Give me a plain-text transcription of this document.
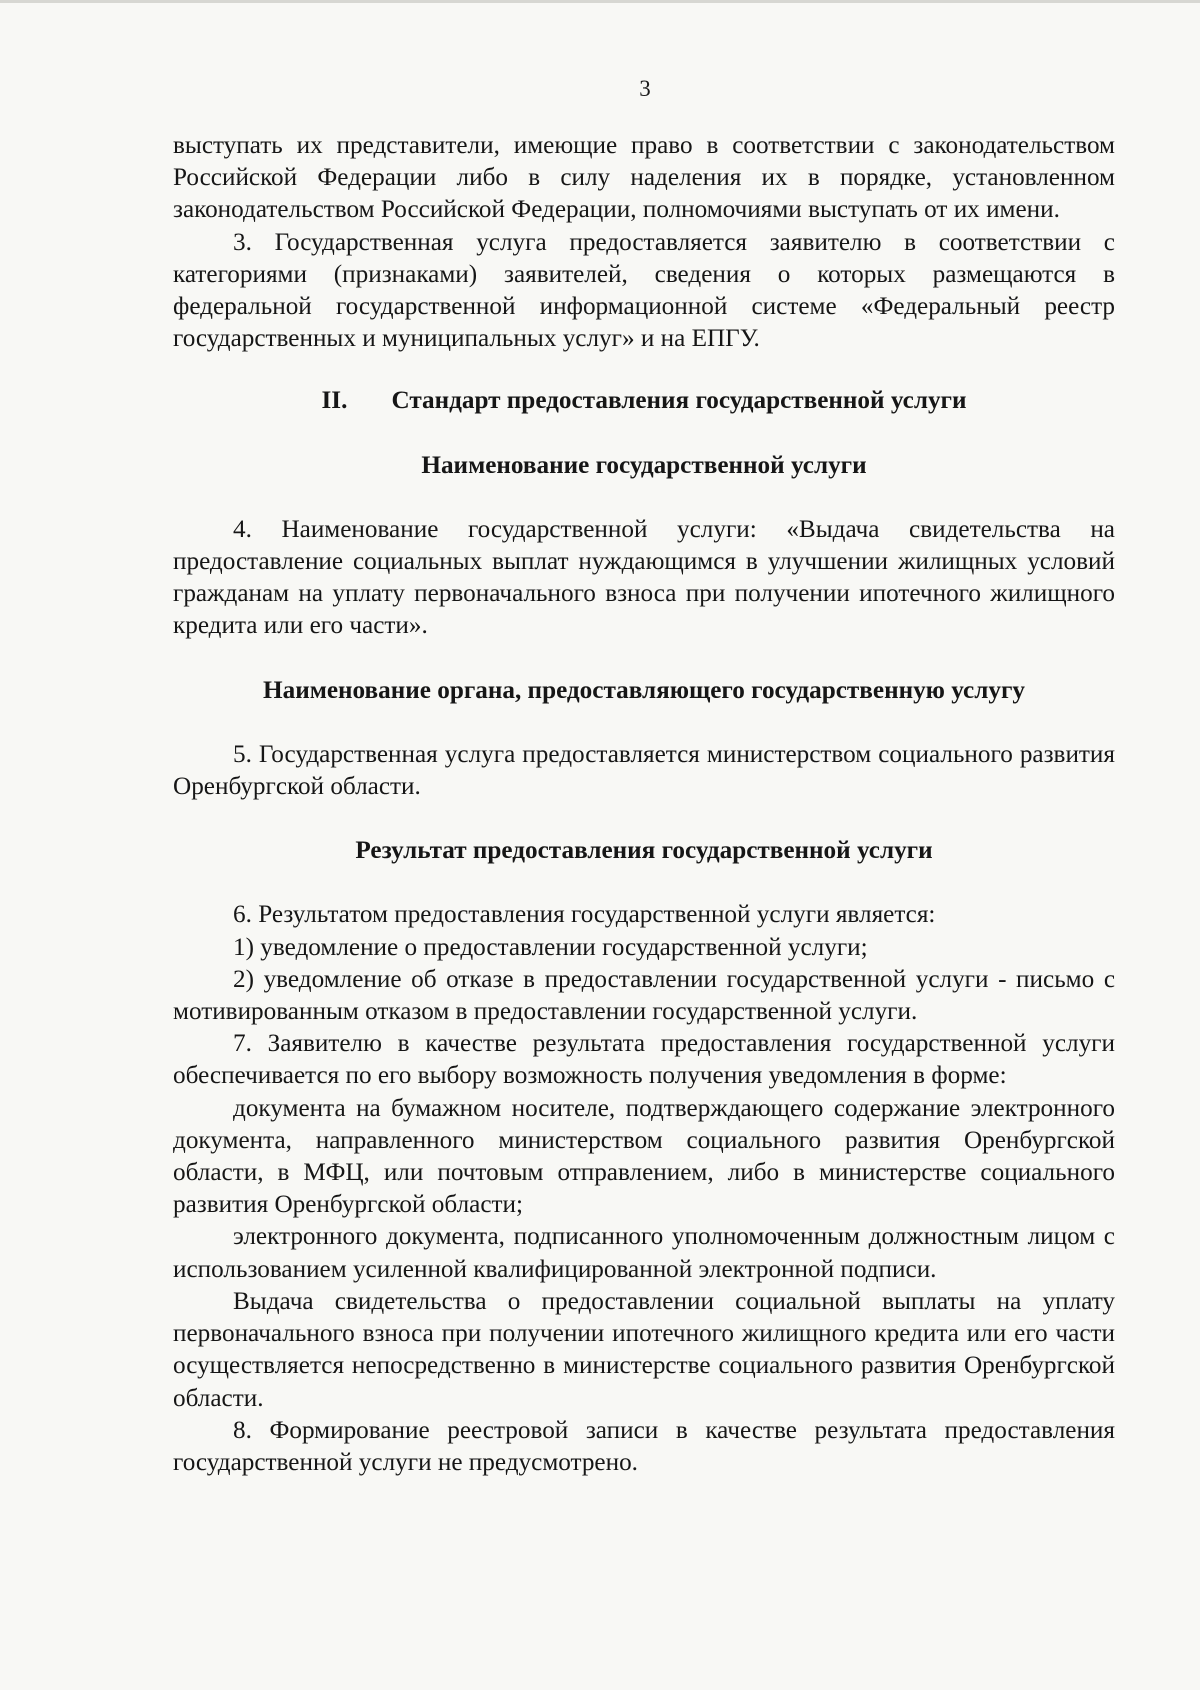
3

выступать их представители, имеющие право в соответствии с законодательством Российской Федерации либо в силу наделения их в порядке, установленном законодательством Российской Федерации, полномочиями выступать от их имени.

3. Государственная услуга предоставляется заявителю в соответствии с категориями (признаками) заявителей, сведения о которых размещаются в федеральной государственной информационной системе «Федеральный реестр государственных и муниципальных услуг» и на ЕПГУ.

II. Стандарт предоставления государственной услуги
Наименование государственной услуги

4. Наименование государственной услуги: «Выдача свидетельства на предоставление социальных выплат нуждающимся в улучшении жилищных условий гражданам на уплату первоначального взноса при получении ипотечного жилищного кредита или его части».

Наименование органа, предоставляющего государственную услугу

5. Государственная услуга предоставляется министерством социального развития Оренбургской области.

Результат предоставления государственной услуги

6. Результатом предоставления государственной услуги является:

1) уведомление о предоставлении государственной услуги;

2) уведомление об отказе в предоставлении государственной услуги - письмо с мотивированным отказом в предоставлении государственной услуги.

7. Заявителю в качестве результата предоставления государственной услуги обеспечивается по его выбору возможность получения уведомления в форме:

документа на бумажном носителе, подтверждающего содержание электронного документа, направленного министерством социального развития Оренбургской области, в МФЦ, или почтовым отправлением, либо в министерстве социального развития Оренбургской области;

электронного документа, подписанного уполномоченным должностным лицом с использованием усиленной квалифицированной электронной подписи.

Выдача свидетельства о предоставлении социальной выплаты на уплату первоначального взноса при получении ипотечного жилищного кредита или его части осуществляется непосредственно в министерстве социального развития Оренбургской области.

8. Формирование реестровой записи в качестве результата предоставления государственной услуги не предусмотрено.
